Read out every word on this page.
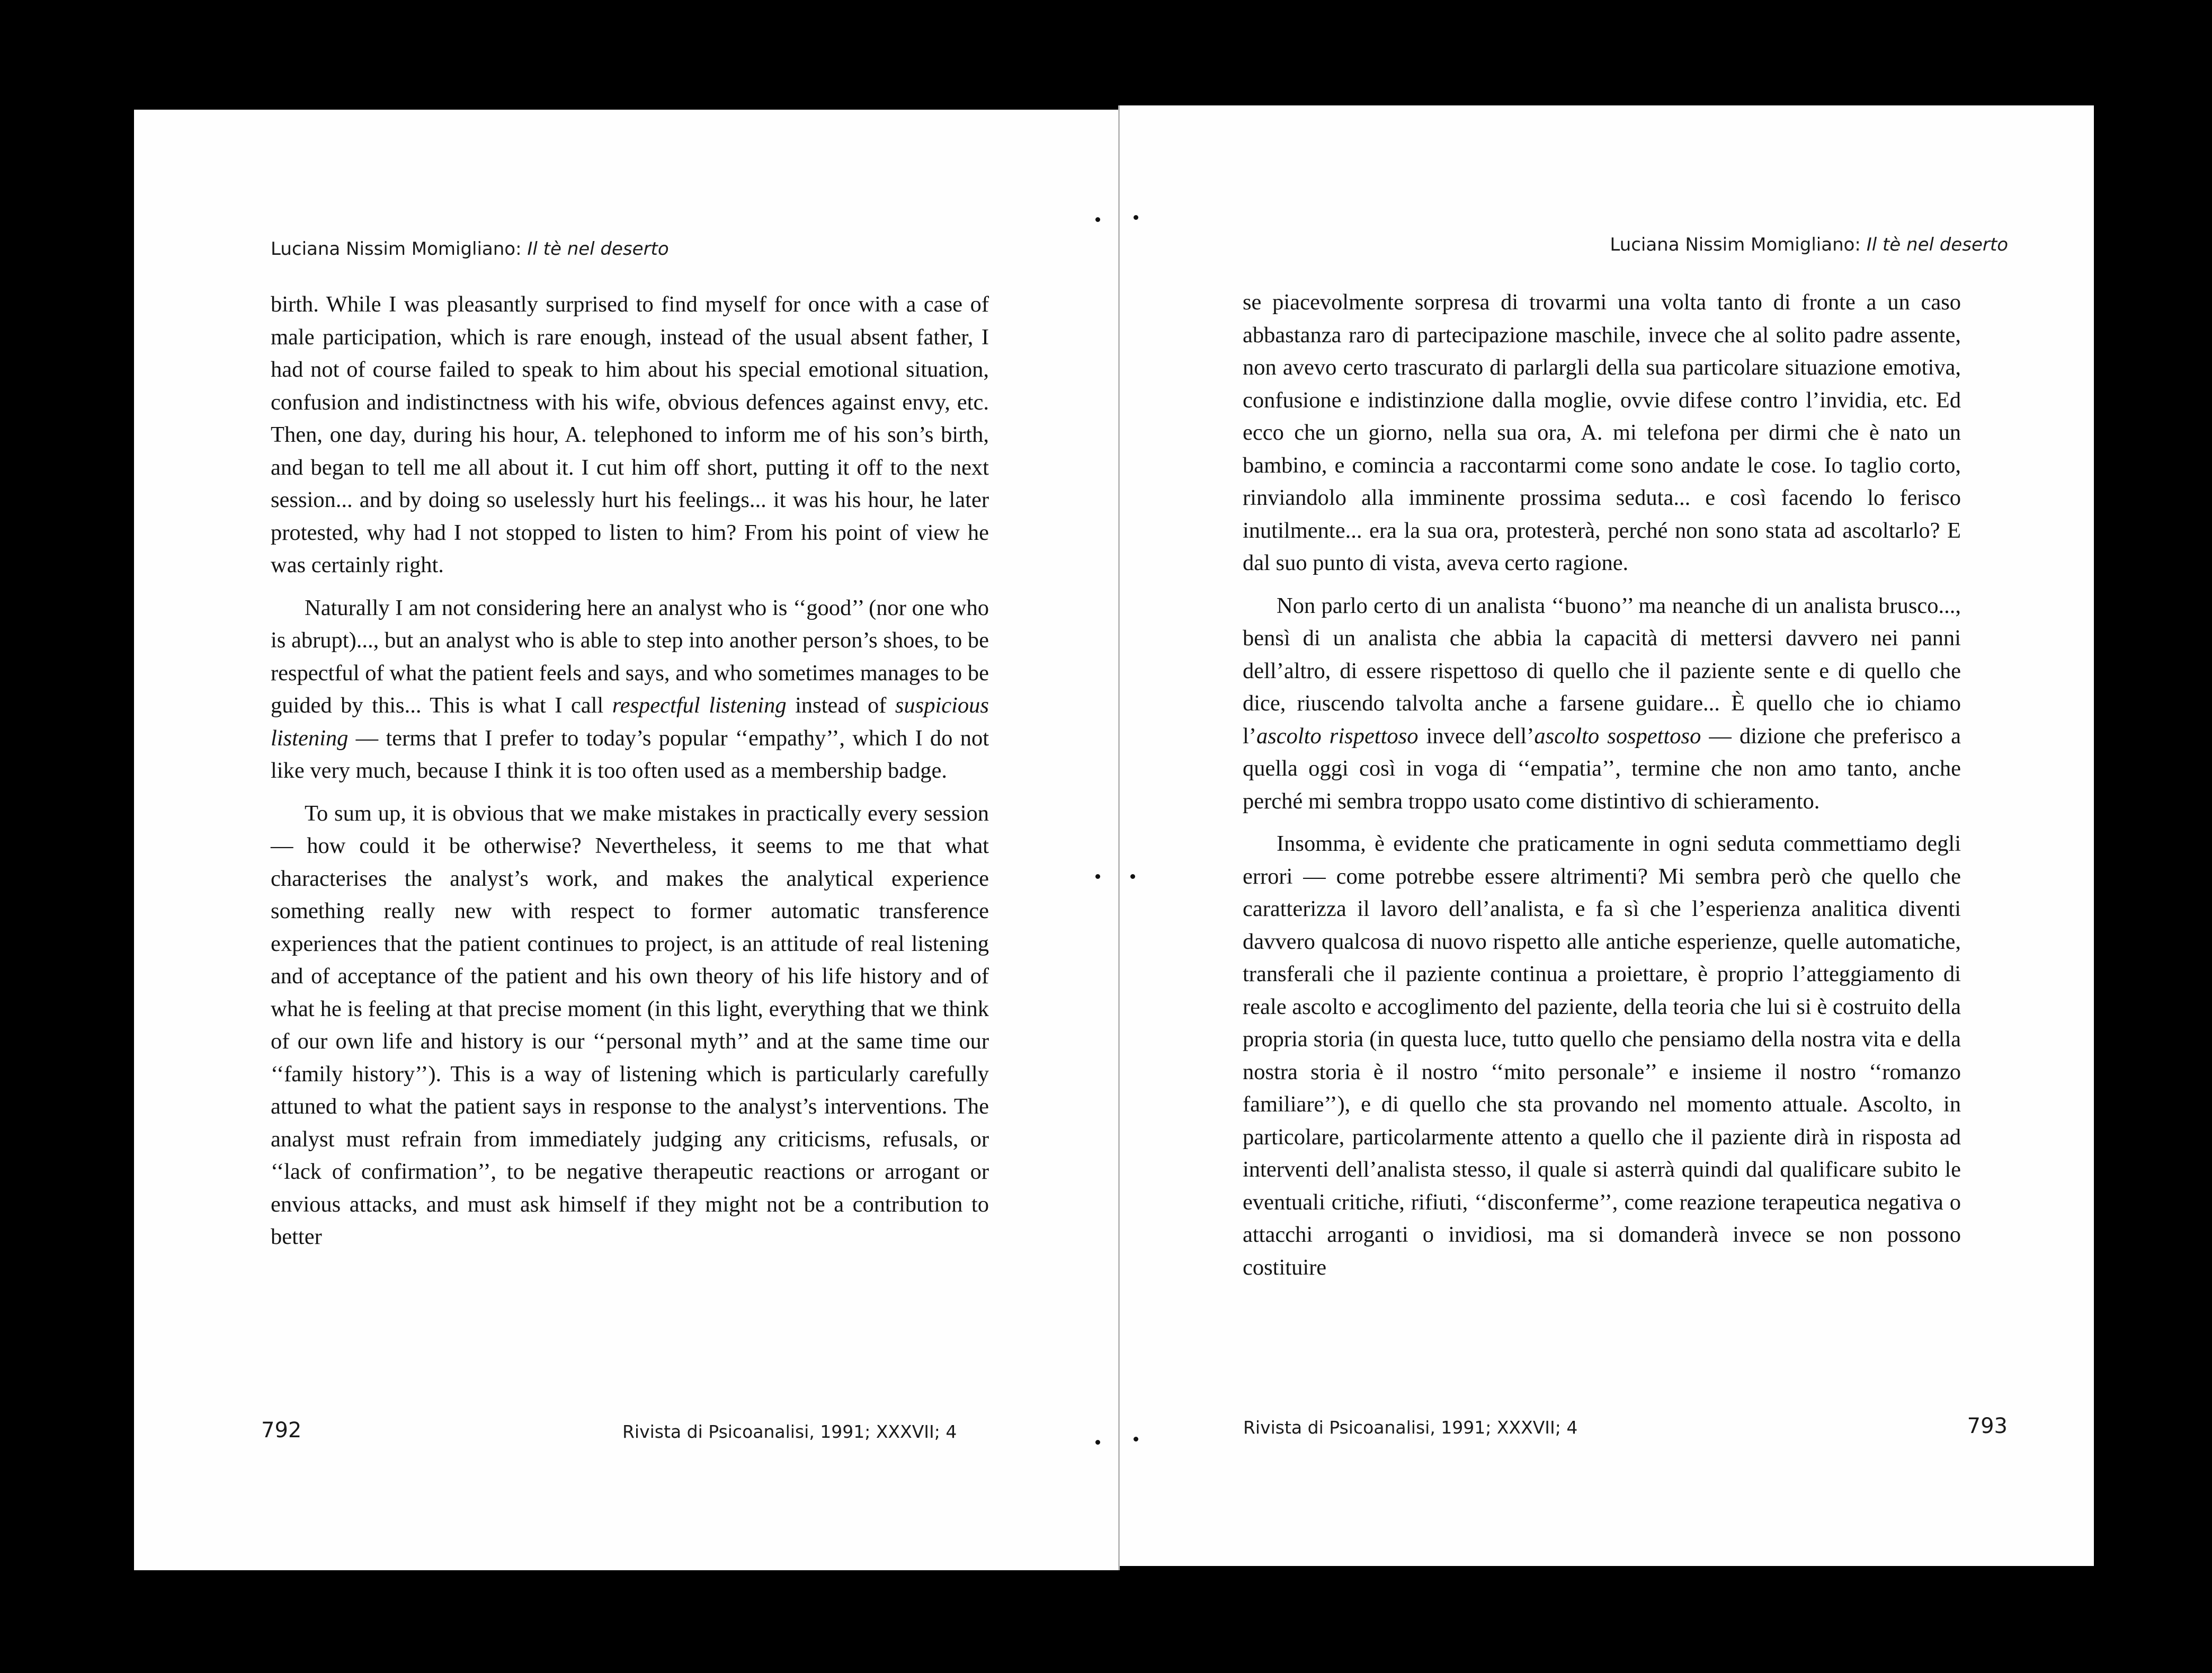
Luciana Nissim Momigliano: Il tè nel deserto

birth. While I was pleasantly surprised to find myself for once with a case of male participation, which is rare enough, instead of the usual absent father, I had not of course failed to speak to him about his special emotional situation, confusion and indistinctness with his wife, obvious defences against envy, etc. Then, one day, during his hour, A. telephoned to inform me of his son’s birth, and began to tell me all about it. I cut him off short, putting it off to the next session... and by doing so uselessly hurt his feelings... it was his hour, he later protested, why had I not stopped to listen to him? From his point of view he was certainly right.

Naturally I am not considering here an analyst who is ‘‘good’’ (nor one who is abrupt)..., but an analyst who is able to step into another person’s shoes, to be respectful of what the patient feels and says, and who sometimes manages to be guided by this... This is what I call respectful listening instead of suspicious listening — terms that I prefer to today’s popular ‘‘empathy’’, which I do not like very much, because I think it is too often used as a membership badge.

To sum up, it is obvious that we make mistakes in practically every session — how could it be otherwise? Nevertheless, it seems to me that what characterises the analyst’s work, and makes the analytical experience something really new with respect to former automatic transference experiences that the patient continues to project, is an attitude of real listening and of acceptance of the patient and his own theory of his life history and of what he is feeling at that precise moment (in this light, everything that we think of our own life and history is our ‘‘personal myth’’ and at the same time our ‘‘family history’’). This is a way of listening which is particularly carefully attuned to what the patient says in response to the analyst’s interventions. The analyst must refrain from immediately judging any criticisms, refusals, or ‘‘lack of confirmation’’, to be negative therapeutic reactions or arrogant or envious attacks, and must ask himself if they might not be a contribution to better

792	Rivista di Psicoanalisi, 1991; XXXVII; 4
Luciana Nissim Momigliano: Il tè nel deserto

se piacevolmente sorpresa di trovarmi una volta tanto di fronte a un caso abbastanza raro di partecipazione maschile, invece che al solito padre assente, non avevo certo trascurato di parlargli della sua particolare situazione emotiva, confusione e indistinzione dalla moglie, ovvie difese contro l’invidia, etc. Ed ecco che un giorno, nella sua ora, A. mi telefona per dirmi che è nato un bambino, e comincia a raccontarmi come sono andate le cose. Io taglio corto, rinviandolo alla imminente prossima seduta... e così facendo lo ferisco inutilmente... era la sua ora, protesterà, perché non sono stata ad ascoltarlo? E dal suo punto di vista, aveva certo ragione.

Non parlo certo di un analista ‘‘buono’’ ma neanche di un analista brusco..., bensì di un analista che abbia la capacità di mettersi davvero nei panni dell’altro, di essere rispettoso di quello che il paziente sente e di quello che dice, riuscendo talvolta anche a farsene guidare... È quello che io chiamo l’ascolto rispettoso invece dell’ascolto sospettoso — dizione che preferisco a quella oggi così in voga di ‘‘empatia’’, termine che non amo tanto, anche perché mi sembra troppo usato come distintivo di schieramento.

Insomma, è evidente che praticamente in ogni seduta commettiamo degli errori — come potrebbe essere altrimenti? Mi sembra però che quello che caratterizza il lavoro dell’analista, e fa sì che l’esperienza analitica diventi davvero qualcosa di nuovo rispetto alle antiche esperienze, quelle automatiche, transferali che il paziente continua a proiettare, è proprio l’atteggiamento di reale ascolto e accoglimento del paziente, della teoria che lui si è costruito della propria storia (in questa luce, tutto quello che pensiamo della nostra vita e della nostra storia è il nostro ‘‘mito personale’’ e insieme il nostro ‘‘romanzo familiare’’), e di quello che sta provando nel momento attuale. Ascolto, in particolare, particolarmente attento a quello che il paziente dirà in risposta ad interventi dell’analista stesso, il quale si asterrà quindi dal qualificare subito le eventuali critiche, rifiuti, ‘‘disconferme’’, come reazione terapeutica negativa o attacchi arroganti o invidiosi, ma si domanderà invece se non possono costituire

793
Rivista di Psicoanalisi, 1991; XXXVII; 4
